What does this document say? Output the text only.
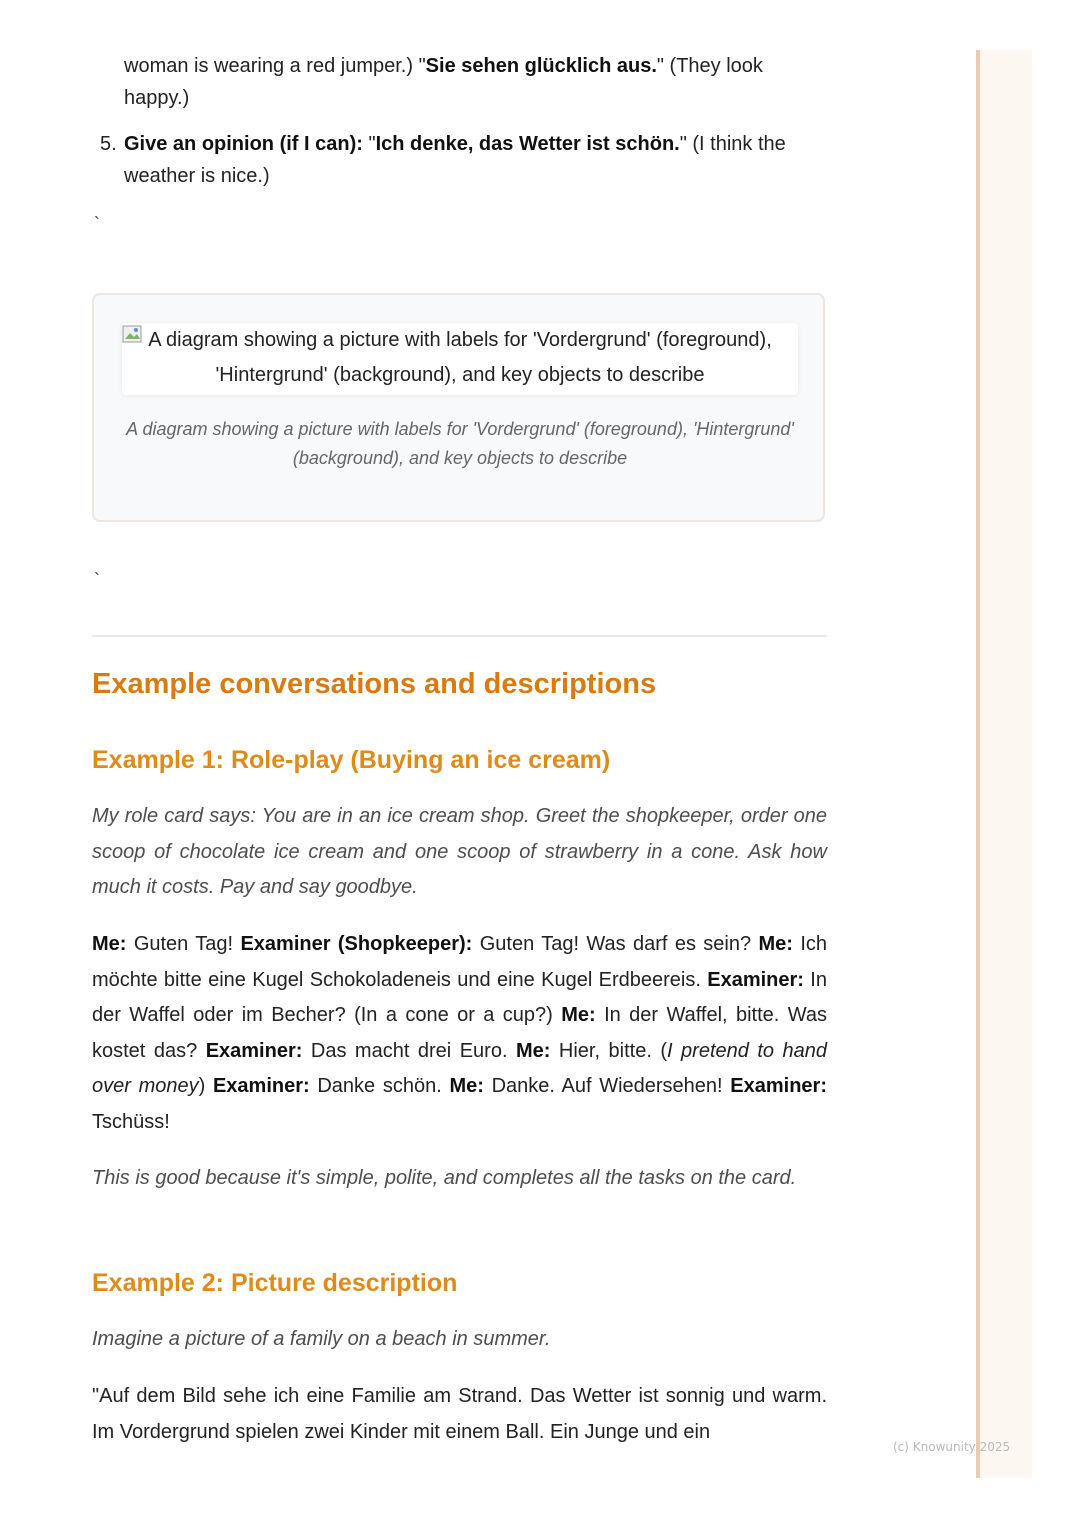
woman is wearing a red jumper.) "Sie sehen glücklich aus." (They look happy.)
5. Give an opinion (if I can): "Ich denke, das Wetter ist schön." (I think the weather is nice.)
`
A diagram showing a picture with labels for 'Vordergrund' (foreground), 'Hintergrund' (background), and key objects to describe
A diagram showing a picture with labels for 'Vordergrund' (foreground), 'Hintergrund' (background), and key objects to describe
`
Example conversations and descriptions
Example 1: Role-play (Buying an ice cream)

My role card says: You are in an ice cream shop. Greet the shopkeeper, order one scoop of chocolate ice cream and one scoop of strawberry in a cone. Ask how much it costs. Pay and say goodbye.

Me: Guten Tag! Examiner (Shopkeeper): Guten Tag! Was darf es sein? Me: Ich möchte bitte eine Kugel Schokoladeneis und eine Kugel Erdbeereis. Examiner: In der Waffel oder im Becher? (In a cone or a cup?) Me: In der Waffel, bitte. Was kostet das? Examiner: Das macht drei Euro. Me: Hier, bitte. (I pretend to hand over money) Examiner: Danke schön. Me: Danke. Auf Wiedersehen! Examiner: Tschüss!

This is good because it's simple, polite, and completes all the tasks on the card.

Example 2: Picture description

Imagine a picture of a family on a beach in summer.

"Auf dem Bild sehe ich eine Familie am Strand. Das Wetter ist sonnig und warm. Im Vordergrund spielen zwei Kinder mit einem Ball. Ein Junge und ein

(c) Knowunity 2025
